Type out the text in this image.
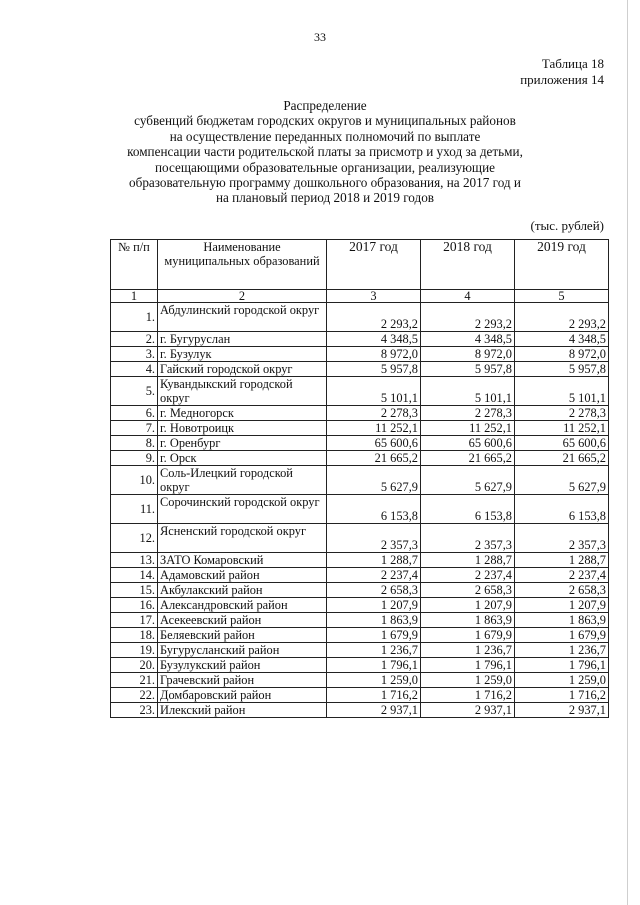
33
Таблица 18
приложения 14
Распределение
субвенций бюджетам городских округов и муниципальных районов
на осуществление переданных полномочий по выплате
компенсации части родительской платы за присмотр и уход за детьми,
посещающими образовательные организации, реализующие
образовательную программу дошкольного образования, на 2017 год и
на плановый период 2018 и 2019 годов
(тыс. рублей)
№ п/п	Наименование муниципальных образований	2017 год	2018 год	2019 год
1	2	3	4	5
1.	Абдулинский городской округ	2 293,2	2 293,2	2 293,2
2.	г. Бугуруслан	4 348,5	4 348,5	4 348,5
3.	г. Бузулук	8 972,0	8 972,0	8 972,0
4.	Гайский городской округ	5 957,8	5 957,8	5 957,8
5.	Кувандыкский городской округ	5 101,1	5 101,1	5 101,1
6.	г. Медногорск	2 278,3	2 278,3	2 278,3
7.	г. Новотроицк	11 252,1	11 252,1	11 252,1
8.	г. Оренбург	65 600,6	65 600,6	65 600,6
9.	г. Орск	21 665,2	21 665,2	21 665,2
10.	Соль-Илецкий городской округ	5 627,9	5 627,9	5 627,9
11.	Сорочинский городской округ	6 153,8	6 153,8	6 153,8
12.	Ясненский городской округ	2 357,3	2 357,3	2 357,3
13.	ЗАТО Комаровский	1 288,7	1 288,7	1 288,7
14.	Адамовский район	2 237,4	2 237,4	2 237,4
15.	Акбулакский район	2 658,3	2 658,3	2 658,3
16.	Александровский район	1 207,9	1 207,9	1 207,9
17.	Асекеевский район	1 863,9	1 863,9	1 863,9
18.	Беляевский район	1 679,9	1 679,9	1 679,9
19.	Бугурусланский район	1 236,7	1 236,7	1 236,7
20.	Бузулукский район	1 796,1	1 796,1	1 796,1
21.	Грачевский район	1 259,0	1 259,0	1 259,0
22.	Домбаровский район	1 716,2	1 716,2	1 716,2
23.	Илекский район	2 937,1	2 937,1	2 937,1
